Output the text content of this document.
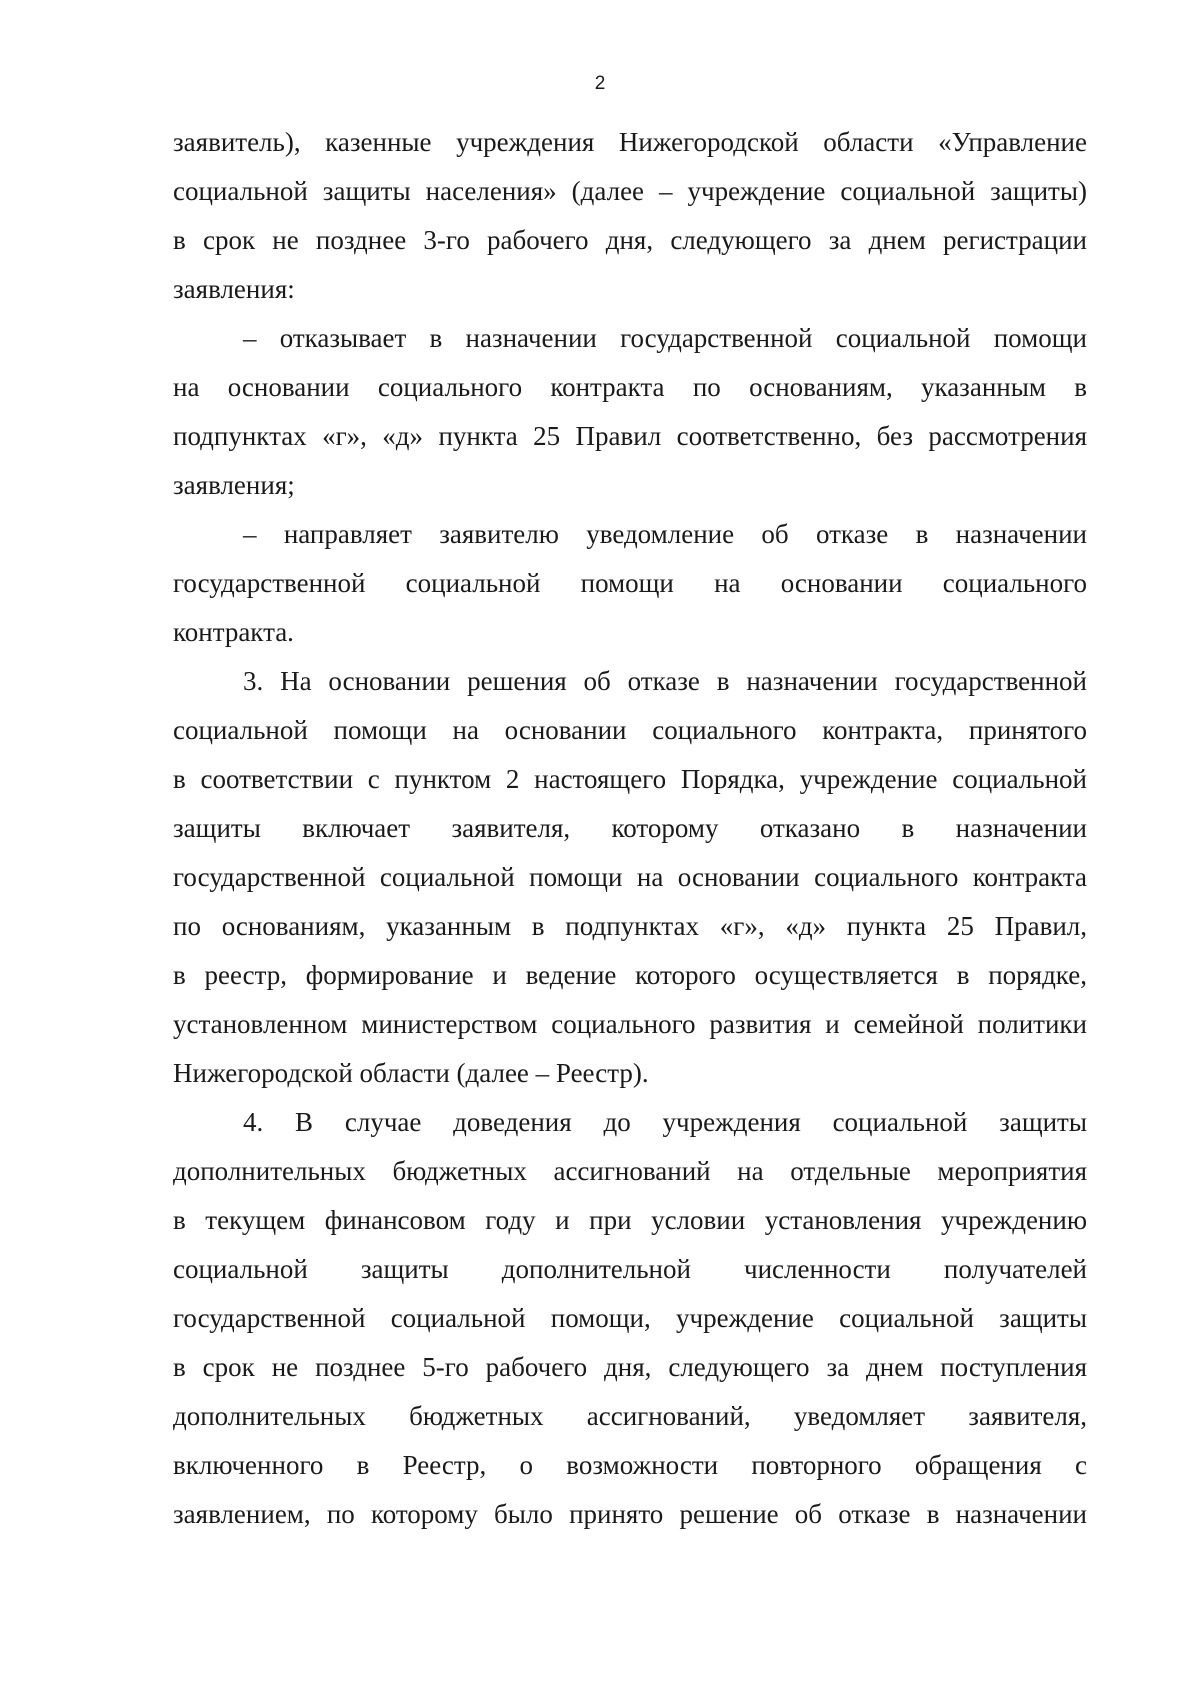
2
заявитель), казенные учреждения Нижегородской области «Управление
социальной защиты населения» (далее – учреждение социальной защиты)
в срок не позднее 3-го рабочего дня, следующего за днем регистрации
заявления:
– отказывает в назначении государственной социальной помощи
на основании социального контракта по основаниям, указанным в
подпунктах «г», «д» пункта 25 Правил соответственно, без рассмотрения
заявления;
– направляет заявителю уведомление об отказе в назначении
государственной социальной помощи на основании социального
контракта.
3. На основании решения об отказе в назначении государственной
социальной помощи на основании социального контракта, принятого
в соответствии с пунктом 2 настоящего Порядка, учреждение социальной
защиты включает заявителя, которому отказано в назначении
государственной социальной помощи на основании социального контракта
по основаниям, указанным в подпунктах «г», «д» пункта 25 Правил,
в реестр, формирование и ведение которого осуществляется в порядке,
установленном министерством социального развития и семейной политики
Нижегородской области (далее – Реестр).
4. В случае доведения до учреждения социальной защиты
дополнительных бюджетных ассигнований на отдельные мероприятия
в текущем финансовом году и при условии установления учреждению
социальной защиты дополнительной численности получателей
государственной социальной помощи, учреждение социальной защиты
в срок не позднее 5-го рабочего дня, следующего за днем поступления
дополнительных бюджетных ассигнований, уведомляет заявителя,
включенного в Реестр, о возможности повторного обращения с
заявлением, по которому было принято решение об отказе в назначении
